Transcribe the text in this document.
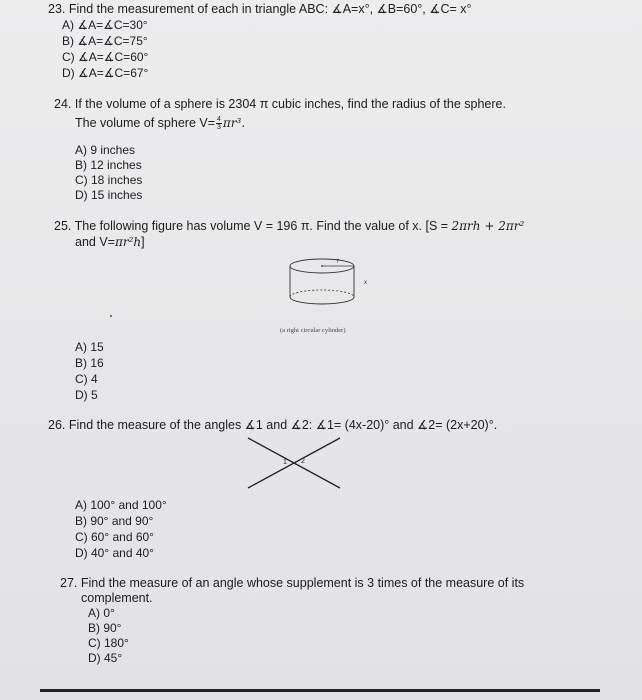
23. Find the measurement of each in triangle ABC: ∡A=x°, ∡B=60°, ∡C= x°
A) ∡A=∡C=30°
B) ∡A=∡C=75°
C) ∡A=∡C=60°
D) ∡A=∡C=67°
24. If the volume of a sphere is 2304 π cubic inches, find the radius of the sphere.
The volume of sphere $V= \frac{4}{3} \pi r^3$.
A) 9 inches
B) 12 inches
C) 18 inches
D) 15 inches
25. The following figure has volume V = 196 π. Find the value of x. [S = 2πrh + 2πr²
and V=πr²h]
7
x
(a right circular cylinder)
A) 15
B) 16
C) 4
D) 5
26. Find the measure of the angles ∡1 and ∡2: ∡1= (4x-20)° and ∡2= (2x+20)°.
1 2
A) 100° and 100°
B) 90° and 90°
C) 60° and 60°
D) 40° and 40°
27. Find the measure of an angle whose supplement is 3 times of the measure of its
complement.
A) 0°
B) 90°
C) 180°
D) 45°
